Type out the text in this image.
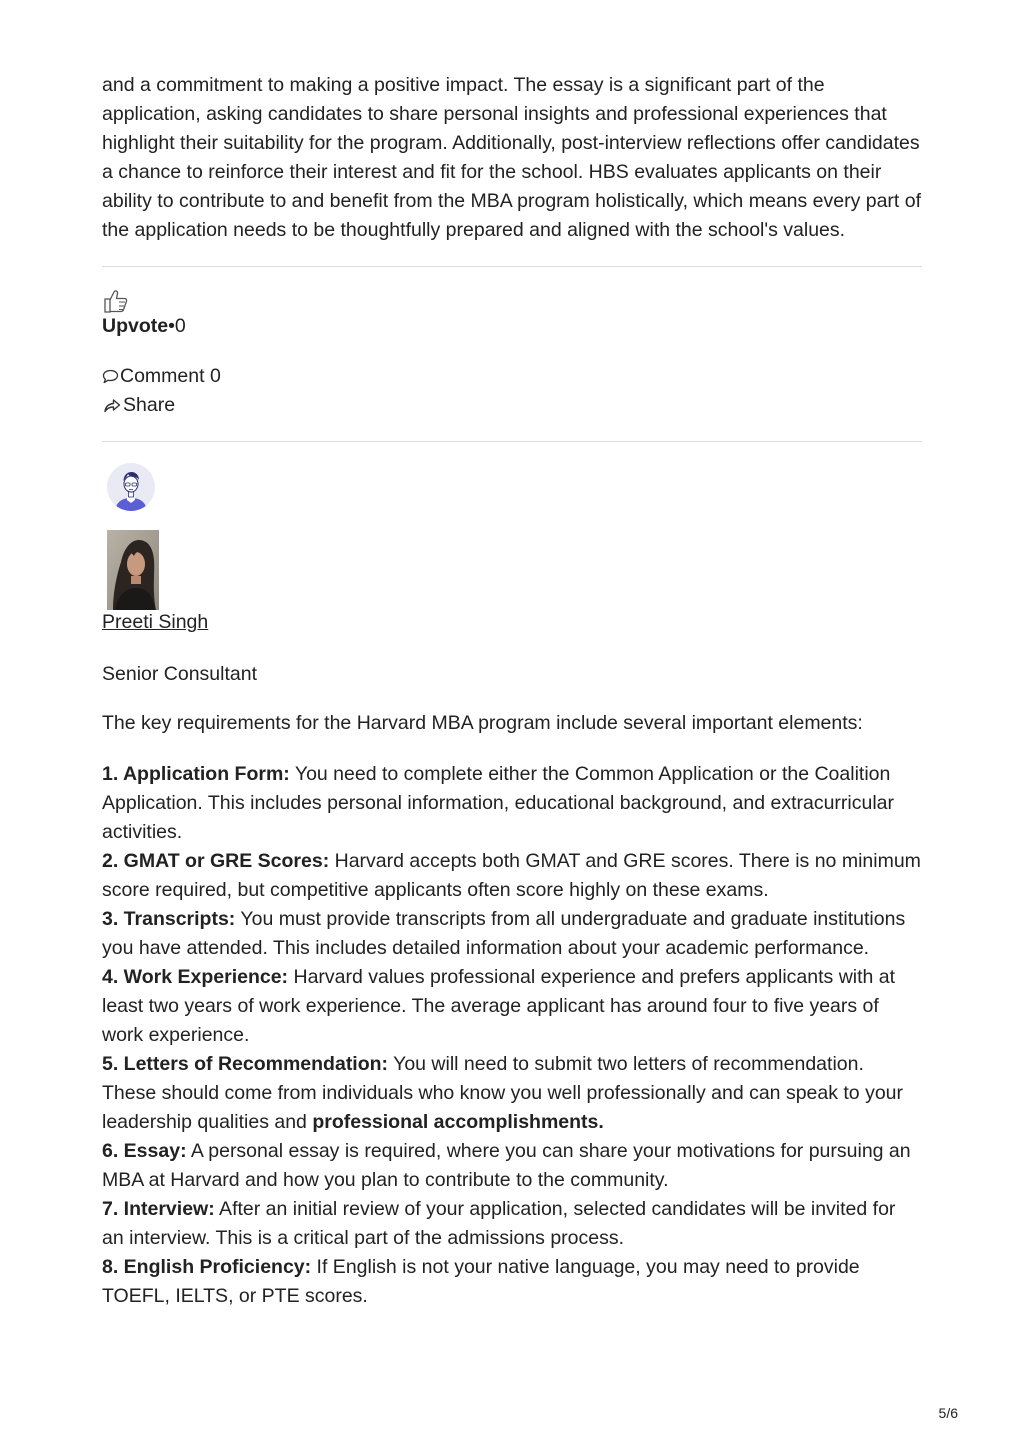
and a commitment to making a positive impact. The essay is a significant part of the application, asking candidates to share personal insights and professional experiences that highlight their suitability for the program. Additionally, post-interview reflections offer candidates a chance to reinforce their interest and fit for the school. HBS evaluates applicants on their ability to contribute to and benefit from the MBA program holistically, which means every part of the application needs to be thoughtfully prepared and aligned with the school's values.

Upvote•0
Comment 0
Share
Preeti Singh

Senior Consultant

The key requirements for the Harvard MBA program include several important elements:

1. Application Form: You need to complete either the Common Application or the Coalition Application. This includes personal information, educational background, and extracurricular activities.

2. GMAT or GRE Scores: Harvard accepts both GMAT and GRE scores. There is no minimum score required, but competitive applicants often score highly on these exams.

3. Transcripts: You must provide transcripts from all undergraduate and graduate institutions you have attended. This includes detailed information about your academic performance.

4. Work Experience: Harvard values professional experience and prefers applicants with at least two years of work experience. The average applicant has around four to five years of work experience.

5. Letters of Recommendation: You will need to submit two letters of recommendation. These should come from individuals who know you well professionally and can speak to your leadership qualities and professional accomplishments.

6. Essay: A personal essay is required, where you can share your motivations for pursuing an MBA at Harvard and how you plan to contribute to the community.

7. Interview: After an initial review of your application, selected candidates will be invited for an interview. This is a critical part of the admissions process.

8. English Proficiency: If English is not your native language, you may need to provide TOEFL, IELTS, or PTE scores.

5/6
